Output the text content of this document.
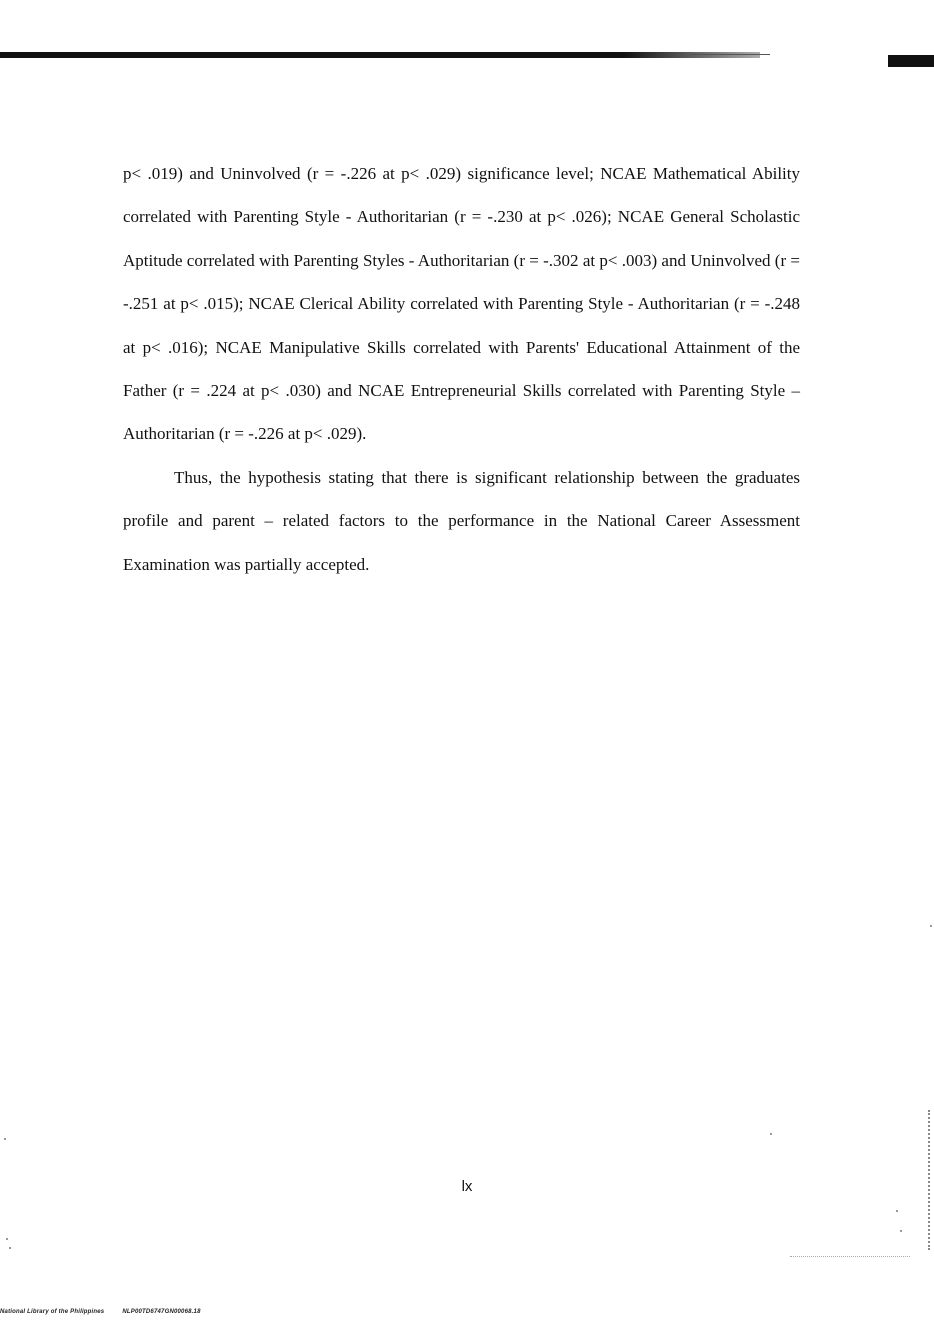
p< .019) and Uninvolved (r = -.226 at p< .029) significance level; NCAE Mathematical Ability correlated with Parenting Style - Authoritarian (r = -.230 at p< .026); NCAE General Scholastic Aptitude correlated with Parenting Styles - Authoritarian (r = -.302 at p< .003) and Uninvolved (r = -.251 at p< .015); NCAE Clerical Ability correlated with Parenting Style - Authoritarian (r = -.248 at p< .016); NCAE Manipulative Skills correlated with Parents' Educational Attainment of the Father (r = .224 at p< .030) and NCAE Entrepreneurial Skills correlated with Parenting Style – Authoritarian (r = -.226 at p< .029).

Thus, the hypothesis stating that there is significant relationship between the graduates profile and parent – related factors to the performance in the National Career Assessment Examination was partially accepted.

lx
National Library of the Philippines	NLP00TD6747GN00068.18
